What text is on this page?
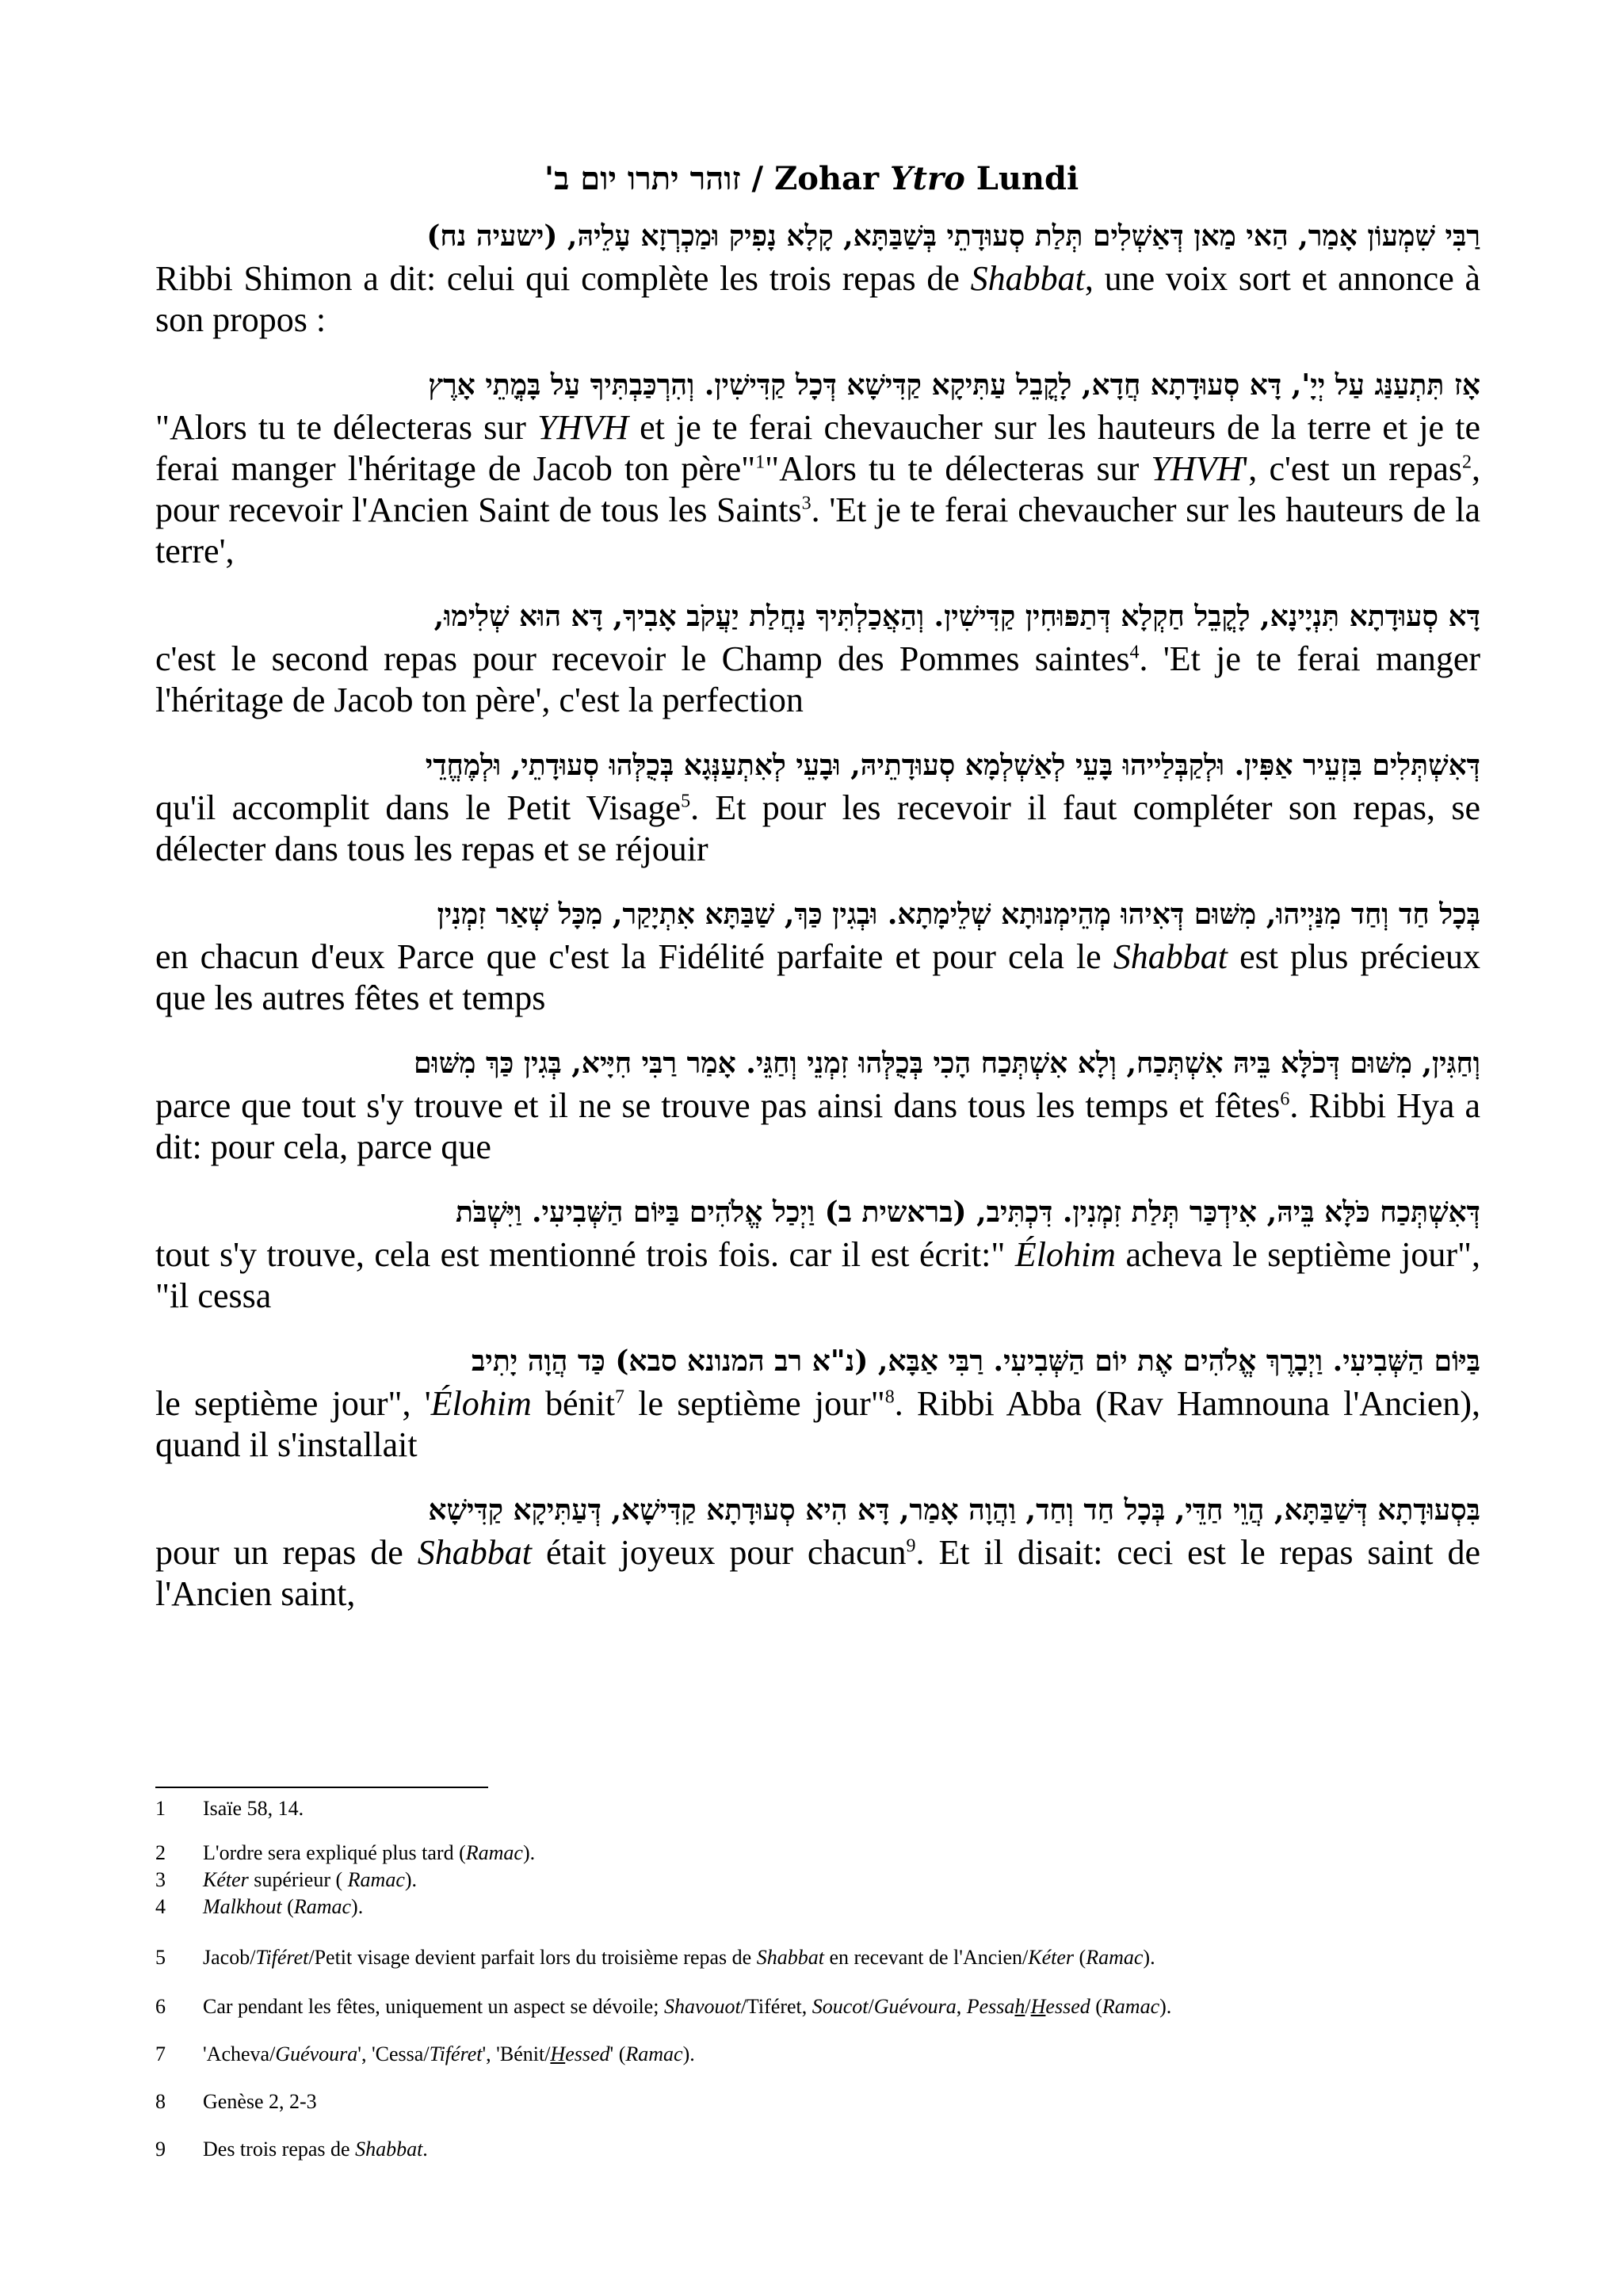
זוהר יתרו יום ב' / Zohar Ytro Lundi
רַבִּי שִׁמְעוֹן אָמַר, הַאי מַאן דְּאַשְׁלִים תְּלַת סְעוּדָתֵי בְּשַׁבַּתָּא, קָלָא נָפִיק וּמַכְרְזָא עָלֵיהּ, (ישעיה נח)
Ribbi Shimon a dit: celui qui complète les trois repas de Shabbat, une voix sort et annonce à son propos :
אָז תִּתְעַנַּג עַל יְיָ', דָּא סְעוּדָתָא חֲדָא, לָקֳבֵל עַתִּיקָא קַדִּישָׁא דְּכָל קַדִּישִׁין. וְהִרְכַּבְתִּיךָ עַל בָּמֳתֵי אָרֶץ
"Alors tu te délecteras sur YHVH et je te ferai chevaucher sur les hauteurs de la terre et je te ferai manger l'héritage de Jacob ton père"$^1$"Alors tu te délecteras sur YHVH', c'est un repas$^2$, pour recevoir l'Ancien Saint de tous les Saints$^3$. 'Et je te ferai chevaucher sur les hauteurs de la terre',
דָּא סְעוּדָתָא תִּנְיָינָא, לָקֳבֵל חַקְלָא דְּתַפּוּחִין קַדִּישִׁין. וְהַאֲכַלְתִּיךָ נַחֲלַת יַעֲקֹב אָבִיךָ, דָּא הוּא שְׁלִימוּ,
c'est le second repas pour recevoir le Champ des Pommes saintes$^4$. 'Et je te ferai manger l'héritage de Jacob ton père', c'est la perfection
דְּאִשְׁתְּלִים בִּזְעֵיר אַפִּין. וּלְקַבְּלַייהוּ בָּעֵי לְאַשְׁלְמָא סְעוּדָתֵיהּ, וּבָעֵי לְאִתְעַנְּגָא בְּכֻלְּהוּ סְעוּדָתֵי, וּלְמֶחֱדֵי
qu'il accomplit dans le Petit Visage$^5$. Et pour les recevoir il faut compléter son repas, se délecter dans tous les repas et se réjouir
בְּכָל חַד וְחַד מִנַּיְיהוּ, מִשּׁוּם דְּאִיהוּ מְהֵימְנוּתָא שְׁלֵימָתָא. וּבְגִין כַּךְ, שַׁבַּתָּא אִתְיָקַר, מִכָּל שְׁאַר זִמְנִין
en chacun d'eux Parce que c'est la Fidélité parfaite et pour cela le Shabbat est plus précieux que les autres fêtes et temps
וְחַגִּין, מִשּׁוּם דְּכֹלָּא בֵּיהּ אִשְׁתְּכַח, וְלָא אִשְׁתְּכַח הָכִי בְּכֻלְּהוּ זִמְנֵי וְחַגֵּי. אָמַר רַבִּי חִיָּיא, בְּגִין כַּךְ מִשּׁוּם
parce que tout s'y trouve et il ne se trouve pas ainsi dans tous les temps et fêtes$^6$. Ribbi Hya a dit: pour cela, parce que
דְּאִשְׁתְּכַח כֹּלָּא בֵּיהּ, אִידְכַּר תְּלַת זִמְנִין. דִּכְתִּיב, (בראשית ב) וַיְכַל אֱלֹהִים בַּיּוֹם הַשְּׁבִיעִי. וַיִּשְׁבֹּת
tout s'y trouve, cela est mentionné trois fois. car il est écrit:" Élohim acheva le septième jour", "il cessa
בַּיּוֹם הַשְּׁבִיעִי. וַיְבָרֶךְ אֱלֹהִים אֶת יוֹם הַשְּׁבִיעִי. רַבִּי אַבָּא, (נ"א רב המנונא סבא) כַּד הֲוָה יָתִיב
le septième jour", 'Élohim bénit$^7$ le septième jour"$^8$. Ribbi Abba (Rav Hamnouna l'Ancien), quand il s'installait
בִּסְעוּדָתָא דְּשַׁבַּתָּא, הֲוֵי חַדֵּי, בְּכָל חַד וְחַד, וַהֲוָה אָמַר, דָּא הִיא סְעוּדָתָא קַדִּישָׁא, דְּעַתִּיקָא קַדִּישָׁא
pour un repas de Shabbat était joyeux pour chacun$^9$. Et il disait: ceci est le repas saint de l'Ancien saint,
1	Isaïe 58, 14.
2	L'ordre sera expliqué plus tard (Ramac).
3	Kéter supérieur ( Ramac).
4	Malkhout (Ramac).
5	Jacob/Tiféret/Petit visage devient parfait lors du troisième repas de Shabbat en recevant de l'Ancien/Kéter (Ramac).
6	Car pendant les fêtes, uniquement un aspect se dévoile; Shavouot/Tiféret, Soucot/Guévoura, Pessah/Hessed (Ramac).
7	'Acheva/Guévoura', 'Cessa/Tiféret', 'Bénit/Hessed' (Ramac).
8	Genèse 2, 2-3
9	Des trois repas de Shabbat.
